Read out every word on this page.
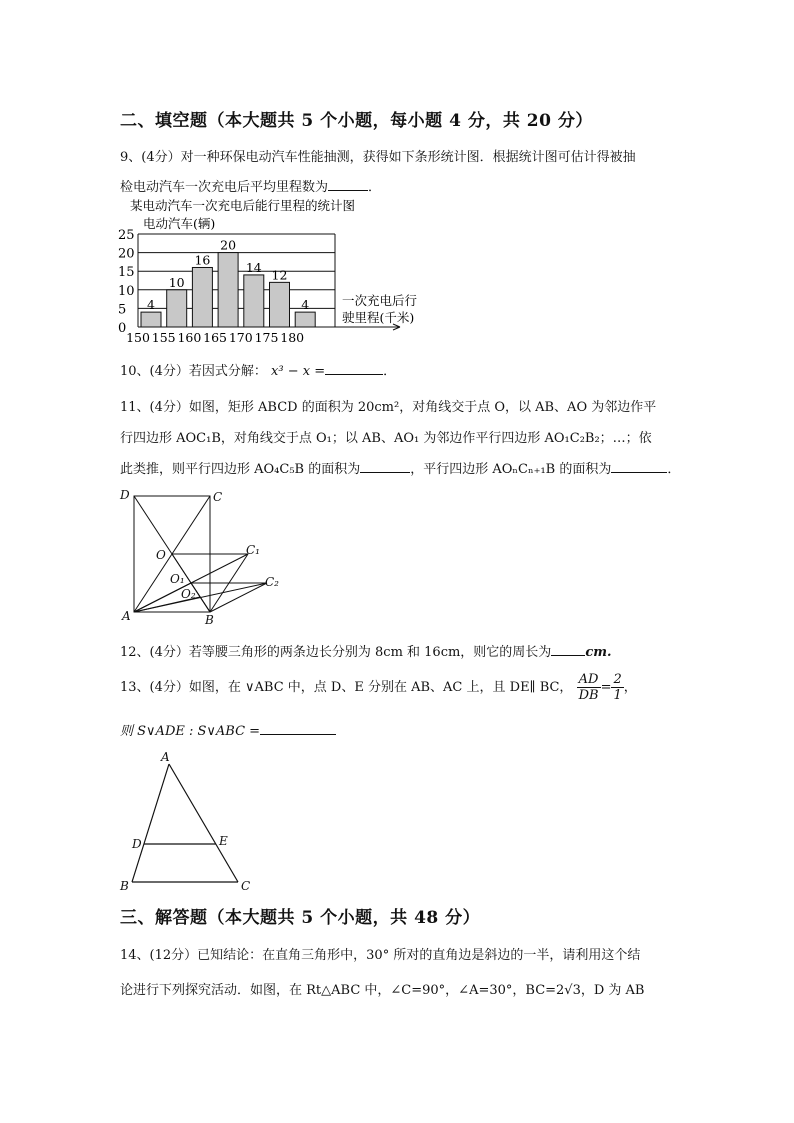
二、填空题（本大题共 5 个小题，每小题 4 分，共 20 分）
9、(4分）对一种环保电动汽车性能抽测，获得如下条形统计图．根据统计图可估计得被抽
检电动汽车一次充电后平均里程数为	．
某电动汽车一次充电后能行里程的统计图
电动汽车(辆)
25
20
15
10
5
0
4
10
16
20
14 12
4
150 155 160 165 170 175 180
一次充电后行
驶里程(千米)
10、(4分）若因式分解： x³ − x =	．
11、(4分）如图，矩形 ABCD 的面积为 20cm²，对角线交于点 O，以 AB、AO 为邻边作平
行四边形 AOC₁B，对角线交于点 O₁；以 AB、AO₁ 为邻边作平行四边形 AO₁C₂B₂；…；依
此类推，则平行四边形 AO₄C₅B 的面积为	，平行四边形 AOₙCₙ₊₁B 的面积为	．
D	C
O	C₁
O₁	C₂
O₂
A	B
12、(4分）若等腰三角形的两条边长分别为 8cm 和 16cm，则它的周长为	cm.
13、(4分）如图，在 ∨ABC 中，点 D、E 分别在 AB、AC 上，且 DE∥ BC， $\frac{AD}{DB} = \frac{2}{1}$ ，
则 S∨ADE : S∨ABC =
A
D	E
B	C
三、解答题（本大题共 5 个小题，共 48 分）
14、(12分）已知结论：在直角三角形中，30° 所对的直角边是斜边的一半，请利用这个结
论进行下列探究活动．如图，在 Rt△ABC 中，∠C=90°，∠A=30°，BC=2√3，D 为 AB
